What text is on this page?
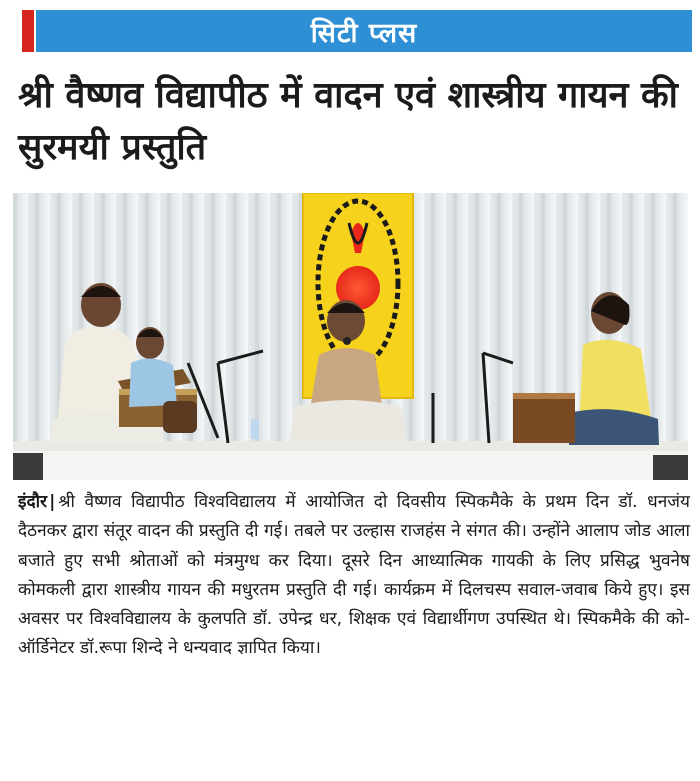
सिटी प्लस
श्री वैष्णव विद्यापीठ में वादन एवं शास्त्रीय गायन की सुरमयी प्रस्तुति

इंदौर | श्री वैष्णव विद्यापीठ विश्वविद्यालय में आयोजित दो दिवसीय स्पिकमैके के प्रथम दिन डॉ. धनजंय दैठनकर द्वारा संतूर वादन की प्रस्तुति दी गई। तबले पर उल्हास राजहंस ने संगत की। उन्होंने आलाप जोड आला बजाते हुए सभी श्रोताओं को मंत्रमुग्ध कर दिया। दूसरे दिन आध्यात्मिक गायकी के लिए प्रसिद्ध भुवनेष कोमकली द्वारा शास्त्रीय गायन की मधुरतम प्रस्तुति दी गई। कार्यक्रम में दिलचस्प सवाल-जवाब किये हुए। इस अवसर पर विश्वविद्यालय के कुलपति डॉ. उपेन्द्र धर, शिक्षक एवं विद्यार्थीगण उपस्थित थे। स्पिकमैके की को-ऑर्डिनेटर डॉ.रूपा शिन्दे ने धन्यवाद ज्ञापित किया।
